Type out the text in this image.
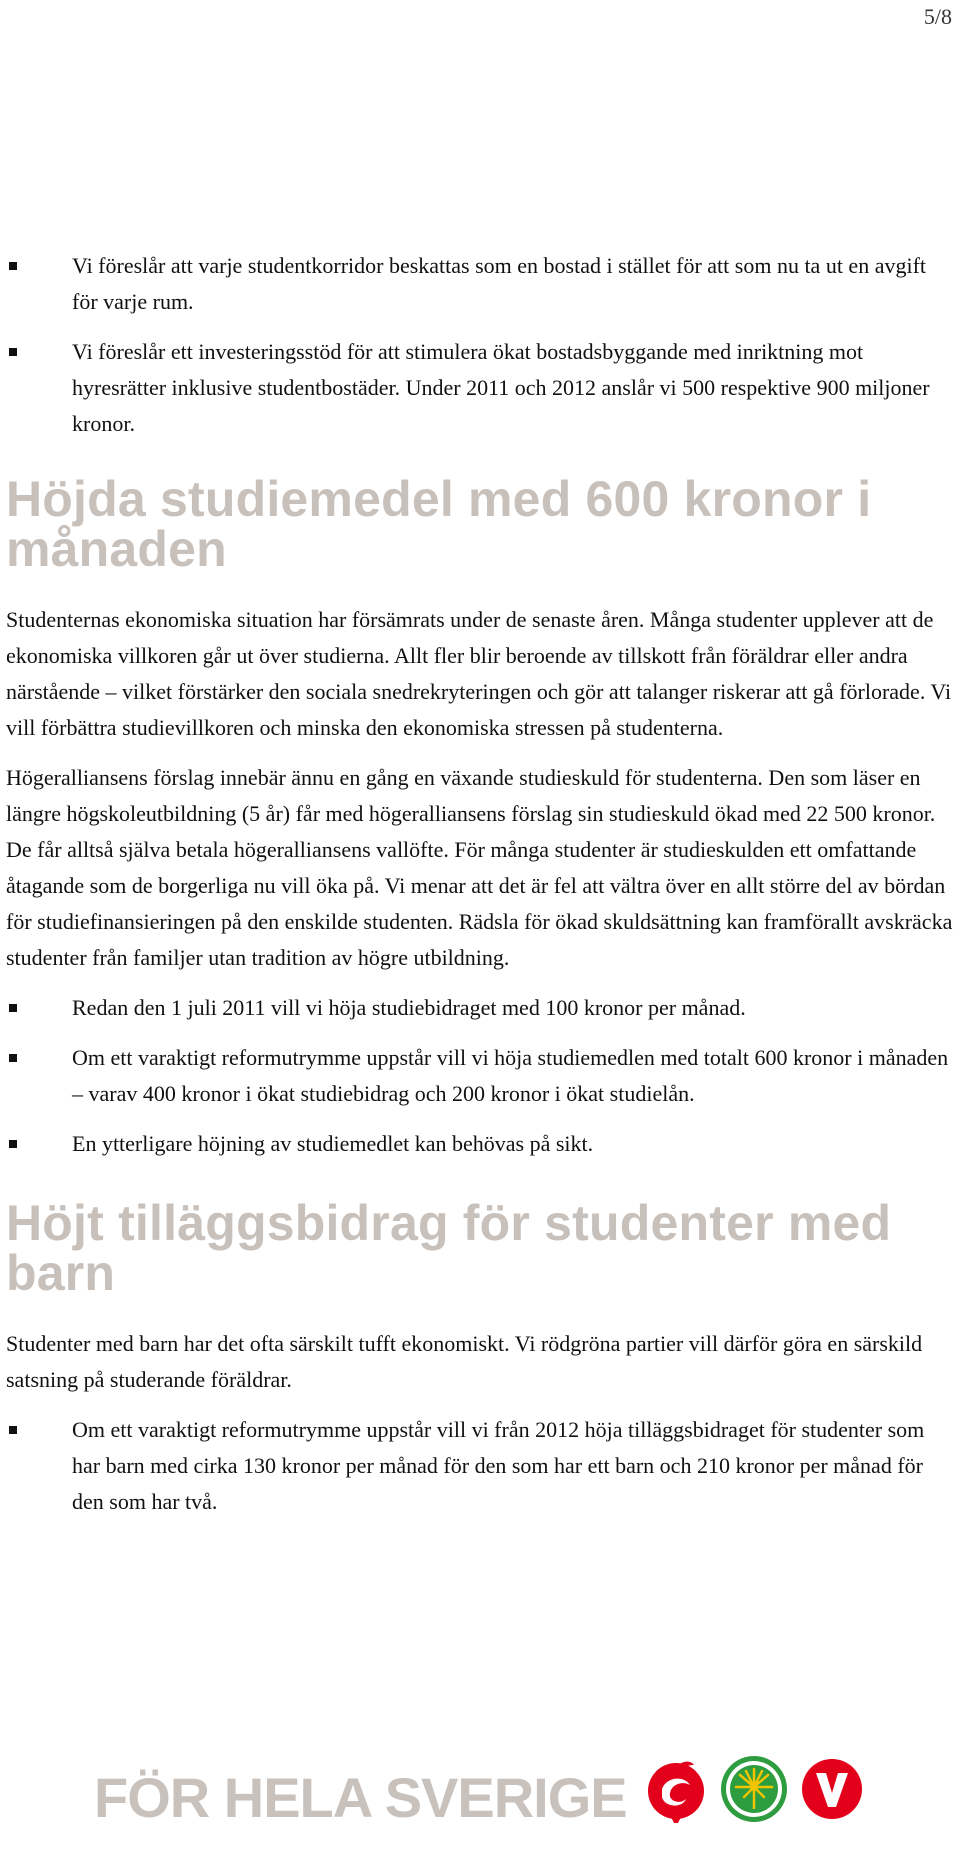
5/8
Vi föreslår att varje studentkorridor beskattas som en bostad i stället för att som nu ta ut en avgift för varje rum.
Vi föreslår ett investeringsstöd för att stimulera ökat bostadsbyggande med inriktning mot hyresrätter inklusive studentbostäder. Under 2011 och 2012 anslår vi 500 respektive 900 miljoner kronor.
Höjda studiemedel med 600 kronor i månaden

Studenternas ekonomiska situation har försämrats under de senaste åren. Många studenter upplever att de ekonomiska villkoren går ut över studierna. Allt fler blir beroende av tillskott från föräldrar eller andra närstående – vilket förstärker den sociala snedrekryteringen och gör att talanger riskerar att gå förlorade. Vi vill förbättra studievillkoren och minska den ekonomiska stressen på studenterna.

Högeralliansens förslag innebär ännu en gång en växande studieskuld för studenterna. Den som läser en längre högskoleutbildning (5 år) får med högeralliansens förslag sin studieskuld ökad med 22 500 kronor. De får alltså själva betala högeralliansens vallöfte. För många studenter är studieskulden ett omfattande åtagande som de borgerliga nu vill öka på. Vi menar att det är fel att vältra över en allt större del av bördan för studiefinansieringen på den enskilde studenten. Rädsla för ökad skuldsättning kan framförallt avskräcka studenter från familjer utan tradition av högre utbildning.

Redan den 1 juli 2011 vill vi höja studiebidraget med 100 kronor per månad.
Om ett varaktigt reformutrymme uppstår vill vi höja studiemedlen med totalt 600 kronor i månaden – varav 400 kronor i ökat studiebidrag och 200 kronor i ökat studielån.
En ytterligare höjning av studiemedlet kan behövas på sikt.
Höjt tilläggsbidrag för studenter med barn

Studenter med barn har det ofta särskilt tufft ekonomiskt. Vi rödgröna partier vill därför göra en särskild satsning på studerande föräldrar.

Om ett varaktigt reformutrymme uppstår vill vi från 2012 höja tilläggsbidraget för studenter som har barn med cirka 130 kronor per månad för den som har ett barn och 210 kronor per månad för den som har två.
FÖR HELA SVERIGE
